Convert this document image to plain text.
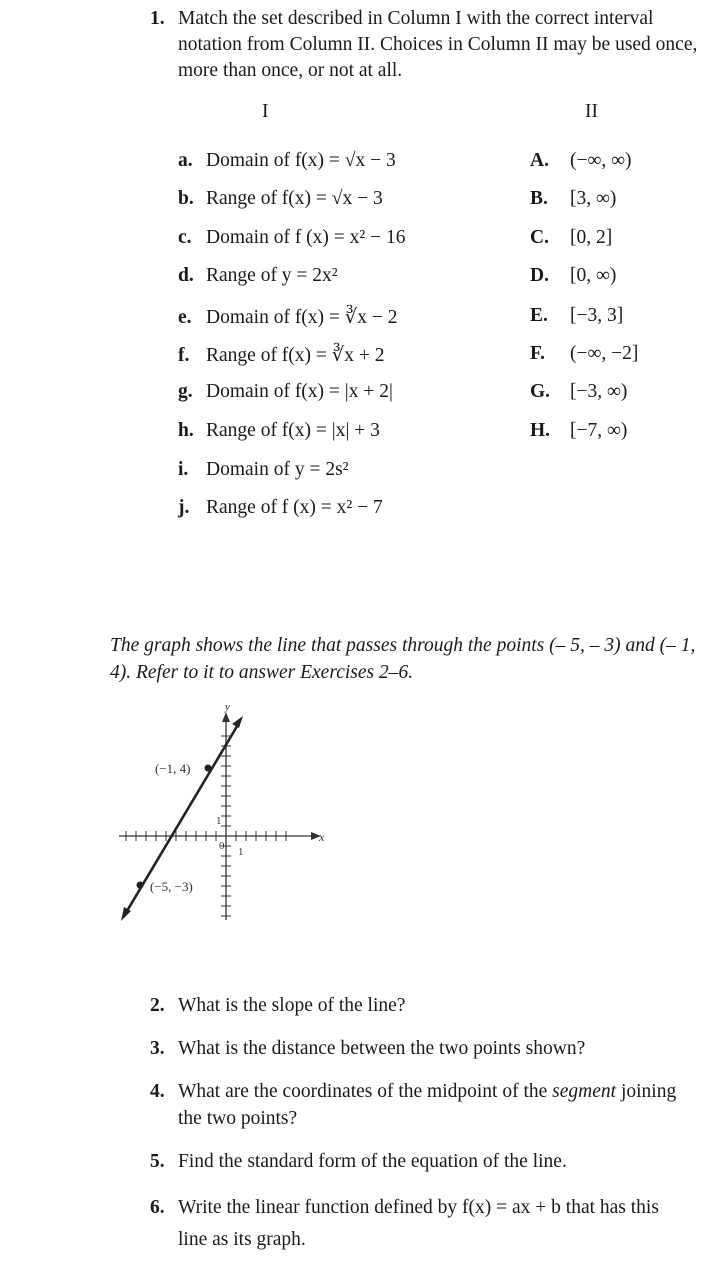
1. Match the set described in Column I with the correct interval notation from Column II. Choices in Column II may be used once, more than once, or not at all.
I	II
a. Domain of f(x) = √x − 3
b. Range of f(x) = √x − 3
c. Domain of f (x) = x² − 16
d. Range of y = 2x²
e. Domain of f(x) = ∛x − 2
f. Range of f(x) = ∛x + 2
g. Domain of f(x) = |x + 2|
h. Range of f(x) = |x| + 3
i. Domain of y = 2s²
j. Range of f (x) = x² − 7
A. (−∞, ∞)
B. [3, ∞)
C. [0, 2]
D. [0, ∞)
E. [−3, 3]
F. (−∞, −2]
G. [−3, ∞)
H. [−7, ∞)
The graph shows the line that passes through the points (– 5, – 3) and (– 1, 4). Refer to it to answer Exercises 2–6.
y
x
1
1
0
(−1, 4)
(−5, −3)
2. What is the slope of the line?
3. What is the distance between the two points shown?
4. What are the coordinates of the midpoint of the segment joining the two points?
5. Find the standard form of the equation of the line.
6. Write the linear function defined by f(x) = ax + b that has this line as its graph.
